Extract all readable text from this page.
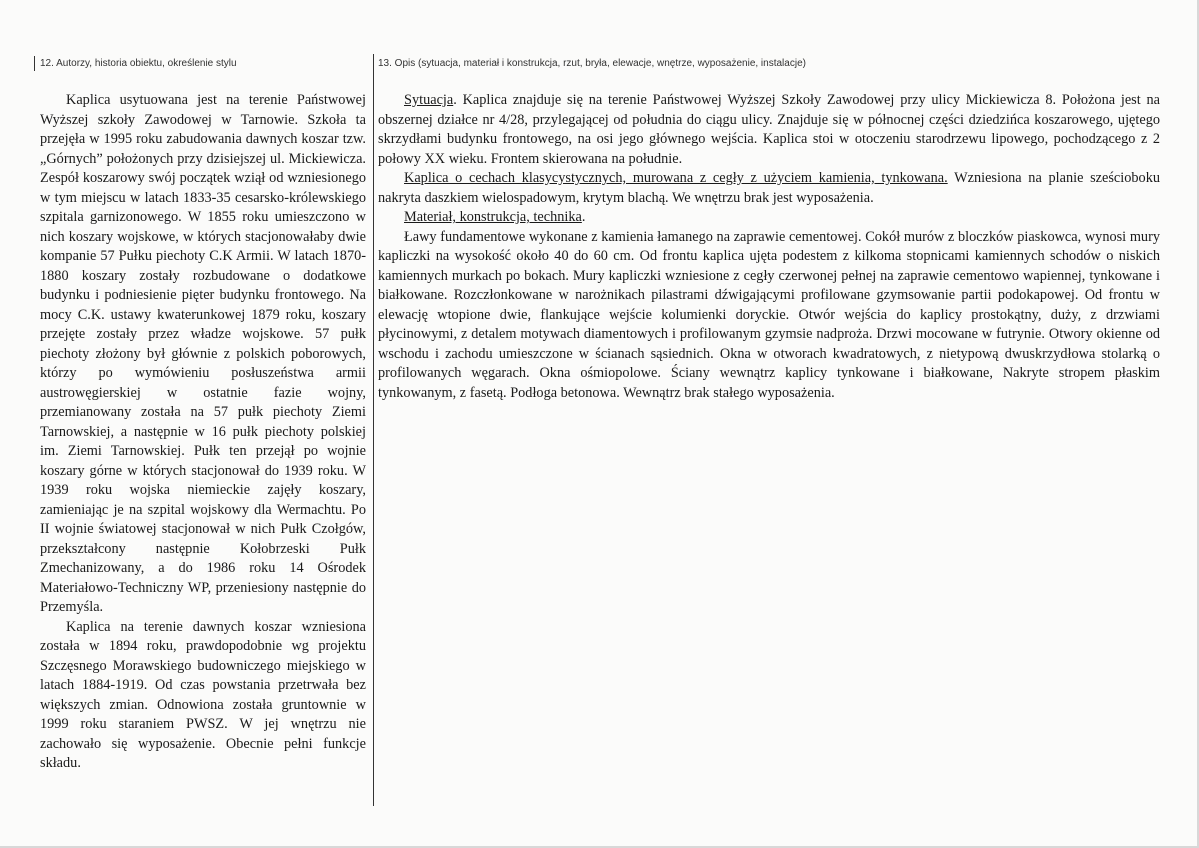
12. Autorzy, historia obiektu, określenie stylu	13. Opis (sytuacja, materiał i konstrukcja, rzut, bryła, elewacje, wnętrze, wyposażenie, instalacje)

Kaplica usytuowana jest na terenie Państwowej Wyższej szkoły Zawodowej w Tarnowie. Szkoła ta przejęła w 1995 roku zabudowania dawnych koszar tzw. „Górnych” położonych przy dzisiejszej ul. Mickiewicza. Zespół koszarowy swój początek wziął od wzniesionego w tym miejscu w latach 1833-35 cesarsko-królewskiego szpitala garnizonowego. W 1855 roku umieszczono w nich koszary wojskowe, w których stacjonowałaby dwie kompanie 57 Pułku piechoty C.K Armii. W latach 1870-1880 koszary zostały rozbudowane o dodatkowe budynku i podniesienie pięter budynku frontowego. Na mocy C.K. ustawy kwaterunkowej 1879 roku, koszary przejęte zostały przez władze wojskowe. 57 pułk piechoty złożony był głównie z polskich poborowych, którzy po wymówieniu posłuszeństwa armii austrowęgierskiej w ostatnie fazie wojny, przemianowany została na 57 pułk piechoty Ziemi Tarnowskiej, a następnie w 16 pułk piechoty polskiej im. Ziemi Tarnowskiej. Pułk ten przejął po wojnie koszary górne w których stacjonował do 1939 roku. W 1939 roku wojska niemieckie zajęły koszary, zamieniając je na szpital wojskowy dla Wermachtu. Po II wojnie światowej stacjonował w nich Pułk Czołgów, przekształcony następnie Kołobrzeski Pułk Zmechanizowany, a do 1986 roku 14 Ośrodek Materiałowo-Techniczny WP, przeniesiony następnie do Przemyśla.

Kaplica na terenie dawnych koszar wzniesiona została w 1894 roku, prawdopodobnie wg projektu Szczęsnego Morawskiego budowniczego miejskiego w latach 1884-1919. Od czas powstania przetrwała bez większych zmian. Odnowiona została gruntownie w 1999 roku staraniem PWSZ. W jej wnętrzu nie zachowało się wyposażenie. Obecnie pełni funkcje składu.

Sytuacja. Kaplica znajduje się na terenie Państwowej Wyższej Szkoły Zawodowej przy ulicy Mickiewicza 8. Położona jest na obszernej działce nr 4/28, przylegającej od południa do ciągu ulicy. Znajduje się w północnej części dziedzińca koszarowego, ujętego skrzydłami budynku frontowego, na osi jego głównego wejścia. Kaplica stoi w otoczeniu starodrzewu lipowego, pochodzącego z 2 połowy XX wieku. Frontem skierowana na południe.

Kaplica o cechach klasycystycznych, murowana z cegły z użyciem kamienia, tynkowana. Wzniesiona na planie sześcioboku nakryta daszkiem wielospadowym, krytym blachą. We wnętrzu brak jest wyposażenia.

Materiał, konstrukcja, technika.

Ławy fundamentowe wykonane z kamienia łamanego na zaprawie cementowej. Cokół murów z bloczków piaskowca, wynosi mury kapliczki na wysokość około 40 do 60 cm. Od frontu kaplica ujęta podestem z kilkoma stopnicami kamiennych schodów o niskich kamiennych murkach po bokach. Mury kapliczki wzniesione z cegły czerwonej pełnej na zaprawie cementowo wapiennej, tynkowane i białkowane. Rozczłonkowane w narożnikach pilastrami dźwigającymi profilowane gzymsowanie partii podokapowej. Od frontu w elewację wtopione dwie, flankujące wejście kolumienki doryckie. Otwór wejścia do kaplicy prostokątny, duży, z drzwiami płycinowymi, z detalem motywach diamentowych i profilowanym gzymsie nadproża. Drzwi mocowane w futrynie. Otwory okienne od wschodu i zachodu umieszczone w ścianach sąsiednich. Okna w otworach kwadratowych, z nietypową dwuskrzydłowa stolarką o profilowanych węgarach. Okna ośmiopolowe. Ściany wewnątrz kaplicy tynkowane i białkowane, Nakryte stropem płaskim tynkowanym, z fasetą. Podłoga betonowa. Wewnątrz brak stałego wyposażenia.
